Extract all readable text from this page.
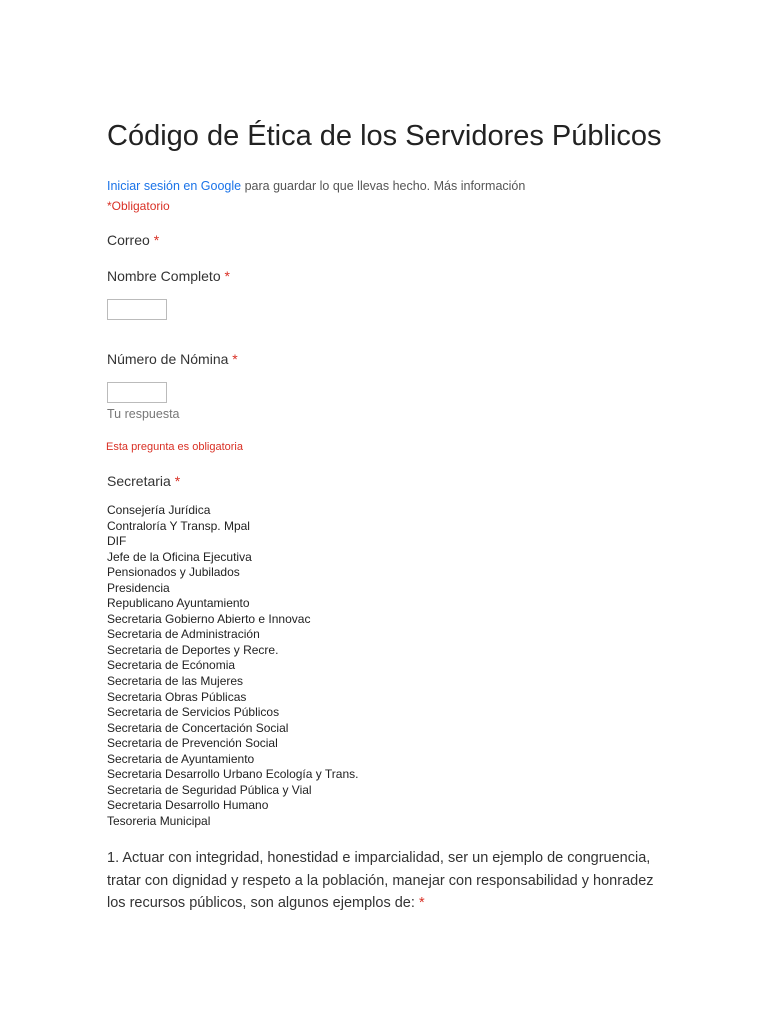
Código de Ética de los Servidores Públicos
Iniciar sesión en Google para guardar lo que llevas hecho. Más información
*Obligatorio
Correo *
Nombre Completo *
Número de Nómina *
Tu respuesta
Esta pregunta es obligatoria
Secretaria *
Consejería Jurídica
Contraloría Y Transp. Mpal
DIF
Jefe de la Oficina Ejecutiva
Pensionados y Jubilados
Presidencia
Republicano Ayuntamiento
Secretaria Gobierno Abierto e Innovac
Secretaria de Administración
Secretaria de Deportes y Recre.
Secretaria de Ecónomia
Secretaria de las Mujeres
Secretaria Obras Públicas
Secretaria de Servicios Públicos
Secretaria de Concertación Social
Secretaria de Prevención Social
Secretaria de Ayuntamiento
Secretaria Desarrollo Urbano Ecología y Trans.
Secretaria de Seguridad Pública y Vial
Secretaria Desarrollo Humano
Tesoreria Municipal
1. Actuar con integridad, honestidad e imparcialidad, ser un ejemplo de congruencia, tratar con dignidad y respeto a la población, manejar con responsabilidad y honradez los recursos públicos, son algunos ejemplos de: *
